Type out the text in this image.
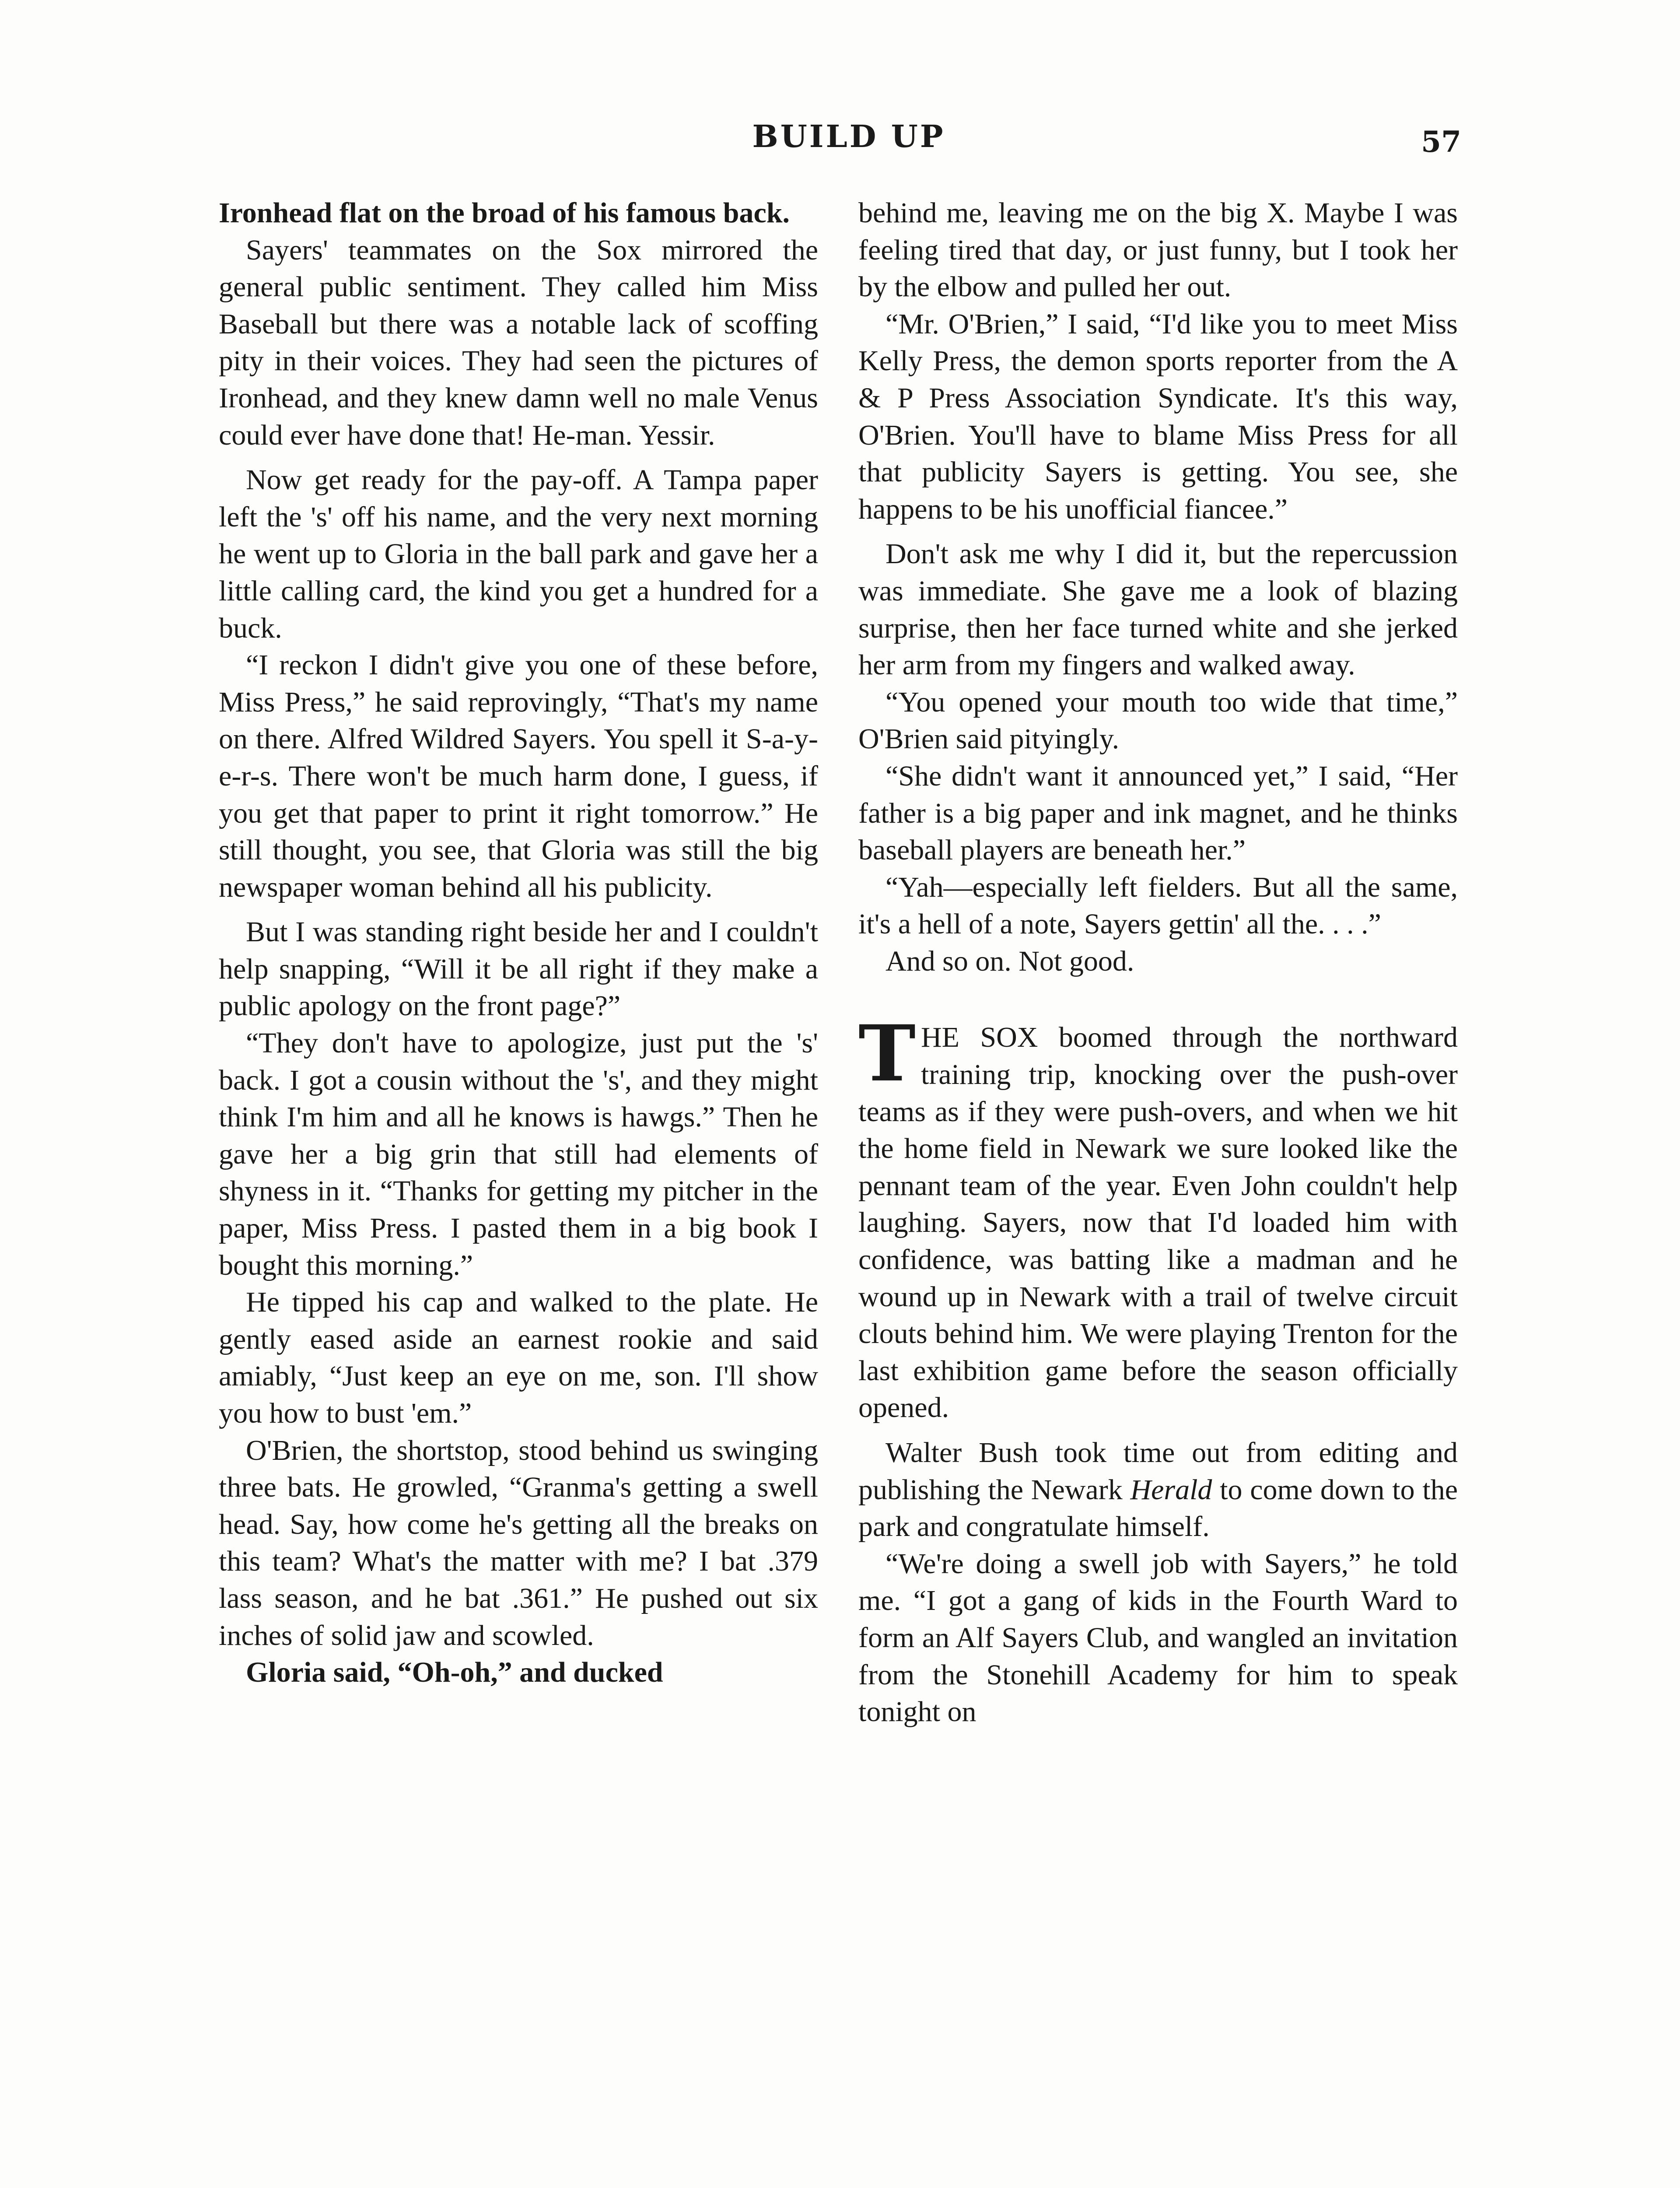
BUILD UP	57

Ironhead flat on the broad of his famous back.

Sayers' teammates on the Sox mirrored the general public sentiment. They called him Miss Baseball but there was a notable lack of scoffing pity in their voices. They had seen the pictures of Ironhead, and they knew damn well no male Venus could ever have done that! He-man. Yessir.

Now get ready for the pay-off. A Tampa paper left the 's' off his name, and the very next morning he went up to Gloria in the ball park and gave her a little calling card, the kind you get a hundred for a buck.

“I reckon I didn't give you one of these before, Miss Press,” he said reprovingly, “That's my name on there. Alfred Wildred Sayers. You spell it S-a-y-e-r-s. There won't be much harm done, I guess, if you get that paper to print it right tomorrow.” He still thought, you see, that Gloria was still the big newspaper woman behind all his publicity.

But I was standing right beside her and I couldn't help snapping, “Will it be all right if they make a public apology on the front page?”

“They don't have to apologize, just put the 's' back. I got a cousin without the 's', and they might think I'm him and all he knows is hawgs.” Then he gave her a big grin that still had elements of shyness in it. “Thanks for getting my pitcher in the paper, Miss Press. I pasted them in a big book I bought this morning.”

He tipped his cap and walked to the plate. He gently eased aside an earnest rookie and said amiably, “Just keep an eye on me, son. I'll show you how to bust 'em.”

O'Brien, the shortstop, stood behind us swinging three bats. He growled, “Granma's getting a swell head. Say, how come he's getting all the breaks on this team? What's the matter with me? I bat .379 lass season, and he bat .361.” He pushed out six inches of solid jaw and scowled.

Gloria said, “Oh-oh,” and ducked

behind me, leaving me on the big X. Maybe I was feeling tired that day, or just funny, but I took her by the elbow and pulled her out.

“Mr. O'Brien,” I said, “I'd like you to meet Miss Kelly Press, the demon sports reporter from the A & P Press Association Syndicate. It's this way, O'Brien. You'll have to blame Miss Press for all that publicity Sayers is getting. You see, she happens to be his unofficial fiancee.”

Don't ask me why I did it, but the repercussion was immediate. She gave me a look of blazing surprise, then her face turned white and she jerked her arm from my fingers and walked away.

“You opened your mouth too wide that time,” O'Brien said pityingly.

“She didn't want it announced yet,” I said, “Her father is a big paper and ink magnet, and he thinks baseball players are beneath her.”

“Yah—especially left fielders. But all the same, it's a hell of a note, Sayers gettin' all the. . . .”

And so on. Not good.

THE SOX boomed through the northward training trip, knocking over the push-over teams as if they were push-overs, and when we hit the home field in Newark we sure looked like the pennant team of the year. Even John couldn't help laughing. Sayers, now that I'd loaded him with confidence, was batting like a madman and he wound up in Newark with a trail of twelve circuit clouts behind him. We were playing Trenton for the last exhibition game before the season officially opened.

Walter Bush took time out from editing and publishing the Newark Herald to come down to the park and congratulate himself.

“We're doing a swell job with Sayers,” he told me. “I got a gang of kids in the Fourth Ward to form an Alf Sayers Club, and wangled an invitation from the Stonehill Academy for him to speak tonight on
